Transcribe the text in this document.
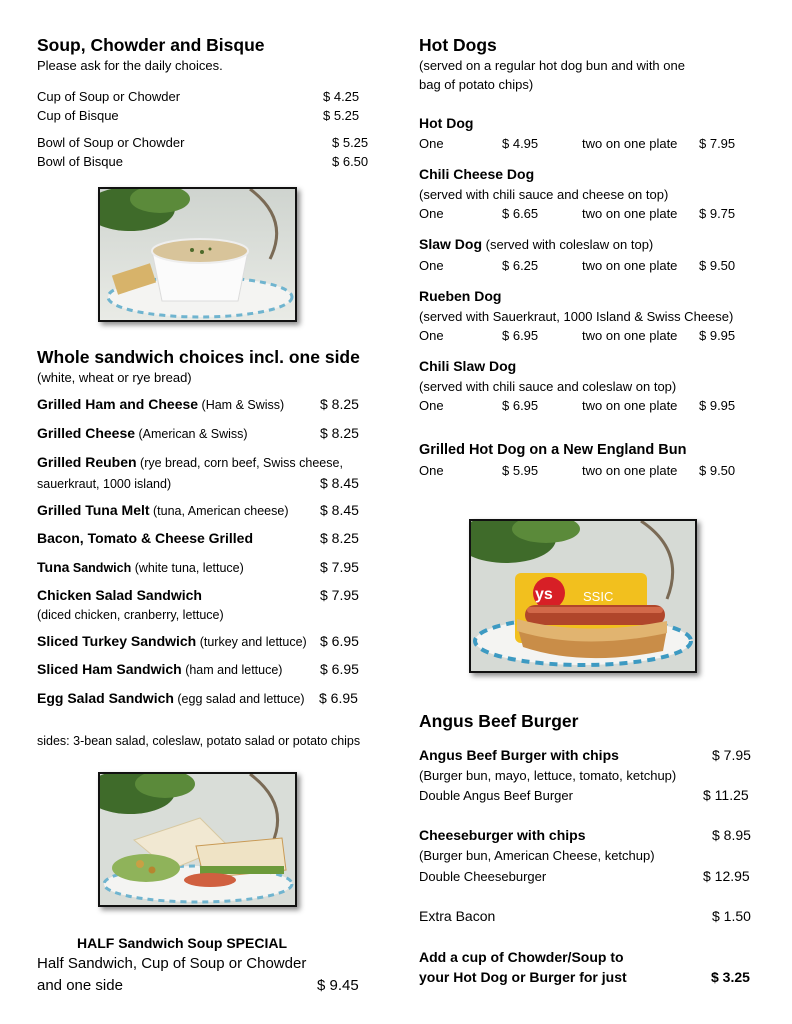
Soup, Chowder and Bisque

Please ask for the daily choices.

Cup of Soup or Chowder	$ 4.25
Cup of Bisque	$ 5.25
Bowl of Soup or Chowder	$ 5.25
Bowl of Bisque	$ 6.50
Whole sandwich choices incl. one side

(white, wheat or rye bread)

Grilled Ham and Cheese (Ham & Swiss)	$ 8.25
Grilled Cheese (American & Swiss)	$ 8.25
Grilled Reuben (rye bread, corn beef, Swiss cheese,
sauerkraut, 1000 island)	$ 8.45
Grilled Tuna Melt (tuna, American cheese) $ 8.45
Bacon, Tomato & Cheese Grilled	$ 8.25
Tuna Sandwich (white tuna, lettuce)	$ 7.95
Chicken Salad Sandwich
(diced chicken, cranberry, lettuce)
$ 7.95
Sliced Turkey Sandwich (turkey and lettuce) $ 6.95
Sliced Ham Sandwich (ham and lettuce)	$ 6.95
Egg Salad Sandwich (egg salad and lettuce) $ 6.95
sides: 3-bean salad, coleslaw, potato salad or potato chips
HALF Sandwich Soup SPECIAL
Half Sandwich, Cup of Soup or Chowder
and one side	$ 9.45
Hot Dogs

(served on a regular hot dog bun and with one

bag of potato chips)

Hot Dog
One	$ 4.95	two on one plate $ 7.95
Chili Cheese Dog
(served with chili sauce and cheese on top)
One	$ 6.65	two on one plate $ 9.75
Slaw Dog (served with coleslaw on top)
One	$ 6.25	two on one plate $ 9.50
Rueben Dog
(served with Sauerkraut, 1000 Island & Swiss Cheese)
One	$ 6.95	two on one plate $ 9.95
Chili Slaw Dog
(served with chili sauce and coleslaw on top)
One	$ 6.95	two on one plate $ 9.95
Grilled Hot Dog on a New England Bun
One	$ 5.95	two on one plate $ 9.50
ys SSIC
Angus Beef Burger
Angus Beef Burger with chips	$ 7.95
(Burger bun, mayo, lettuce, tomato, ketchup)
Double Angus Beef Burger	$ 11.25
Cheeseburger with chips	$ 8.95
(Burger bun, American Cheese, ketchup)
Double Cheeseburger	$ 12.95
Extra Bacon	$ 1.50
Add a cup of Chowder/Soup to
your Hot Dog or Burger for just	$ 3.25
